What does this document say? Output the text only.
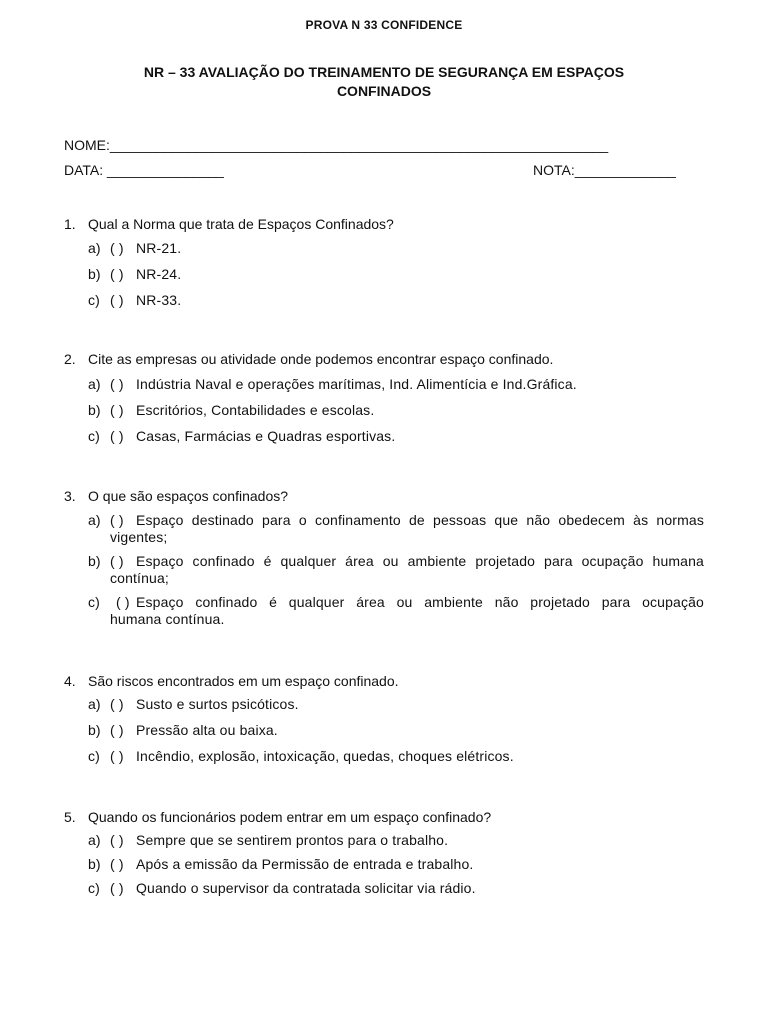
PROVA N 33 CONFIDENCE
NR – 33 AVALIAÇÃO DO TREINAMENTO DE SEGURANÇA EM ESPAÇOS
CONFINADOS
NOME:________________________________________________________________
DATA: _______________	NOTA:_____________
1. Qual a Norma que trata de Espaços Confinados?
a) ( ) NR-21.
b) ( ) NR-24.
c) ( ) NR-33.
2. Cite as empresas ou atividade onde podemos encontrar espaço confinado.
a) ( ) Indústria Naval e operações marítimas, Ind. Alimentícia e Ind.Gráfica.
b) ( ) Escritórios, Contabilidades e escolas.
c) ( ) Casas, Farmácias e Quadras esportivas.
3. O que são espaços confinados?
a) ( ) Espaço destinado para o confinamento de pessoas que não obedecem às normas
vigentes;
b) ( ) Espaço confinado é qualquer área ou ambiente projetado para ocupação humana
contínua;
c)	( ) Espaço confinado é qualquer área ou ambiente não projetado para ocupação
humana contínua.
4. São riscos encontrados em um espaço confinado.
a) ( ) Susto e surtos psicóticos.
b) ( ) Pressão alta ou baixa.
c) ( ) Incêndio, explosão, intoxicação, quedas, choques elétricos.
5. Quando os funcionários podem entrar em um espaço confinado?
a) ( ) Sempre que se sentirem prontos para o trabalho.
b) ( ) Após a emissão da Permissão de entrada e trabalho.
c) ( ) Quando o supervisor da contratada solicitar via rádio.
